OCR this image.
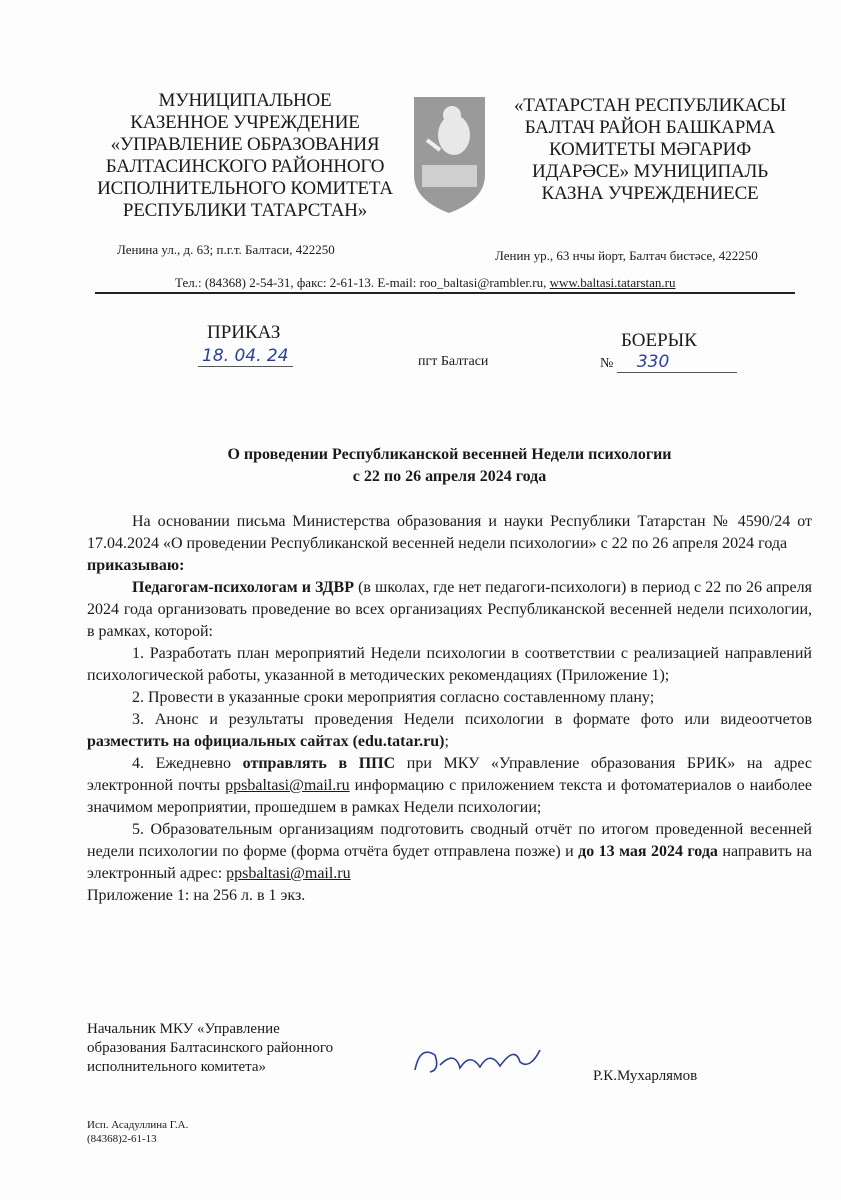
МУНИЦИПАЛЬНОЕ
КАЗЕННОЕ УЧРЕЖДЕНИЕ
«УПРАВЛЕНИЕ ОБРАЗОВАНИЯ
БАЛТАСИНСКОГО РАЙОННОГО
ИСПОЛНИТЕЛЬНОГО КОМИТЕТА
РЕСПУБЛИКИ ТАТАРСТАН»
«ТАТАРСТАН РЕСПУБЛИКАСЫ
БАЛТАЧ РАЙОН БАШКАРМА
КОМИТЕТЫ МӘГАРИФ
ИДАРӘСЕ» МУНИЦИПАЛЬ
КАЗНА УЧРЕЖДЕНИЕСЕ
Ленина ул., д. 63; п.г.т. Балтаси, 422250	Ленин ур., 63 нчы йорт, Балтач бистәсе, 422250
Тел.: (84368) 2-54-31, факс: 2-61-13. E-mail: roo_baltasi@rambler.ru, www.baltasi.tatarstan.ru
ПРИКАЗ
18. 04. 24	пгт Балтаси
БОЕРЫК
№ 330
О проведении Республиканской весенней Недели психологии
с 22 по 26 апреля 2024 года

На основании письма Министерства образования и науки Республики Татарстан № 4590/24 от 17.04.2024 «О проведении Республиканской весенней недели психологии» с 22 по 26 апреля 2024 года

приказываю:

Педагогам-психологам и ЗДВР (в школах, где нет педагоги-психологи) в период с 22 по 26 апреля 2024 года организовать проведение во всех организациях Республиканской весенней недели психологии, в рамках, которой:

1. Разработать план мероприятий Недели психологии в соответствии с реализацией направлений психологической работы, указанной в методических рекомендациях (Приложение 1);

2. Провести в указанные сроки мероприятия согласно составленному плану;

3. Анонс и результаты проведения Недели психологии в формате фото или видеоотчетов разместить на официальных сайтах (edu.tatar.ru);

4. Ежедневно отправлять в ППС при МКУ «Управление образования БРИК» на адрес электронной почты ppsbaltasi@mail.ru информацию с приложением текста и фотоматериалов о наиболее значимом мероприятии, прошедшем в рамках Недели психологии;

5. Образовательным организациям подготовить сводный отчёт по итогом проведенной весенней недели психологии по форме (форма отчёта будет отправлена позже) и до 13 мая 2024 года направить на электронный адрес: ppsbaltasi@mail.ru

Приложение 1: на 256 л. в 1 экз.

Начальник МКУ «Управление
образования Балтасинского районного
исполнительного комитета»
Р.К.Мухарлямов
Исп. Асадуллина Г.А.
(84368)2-61-13
